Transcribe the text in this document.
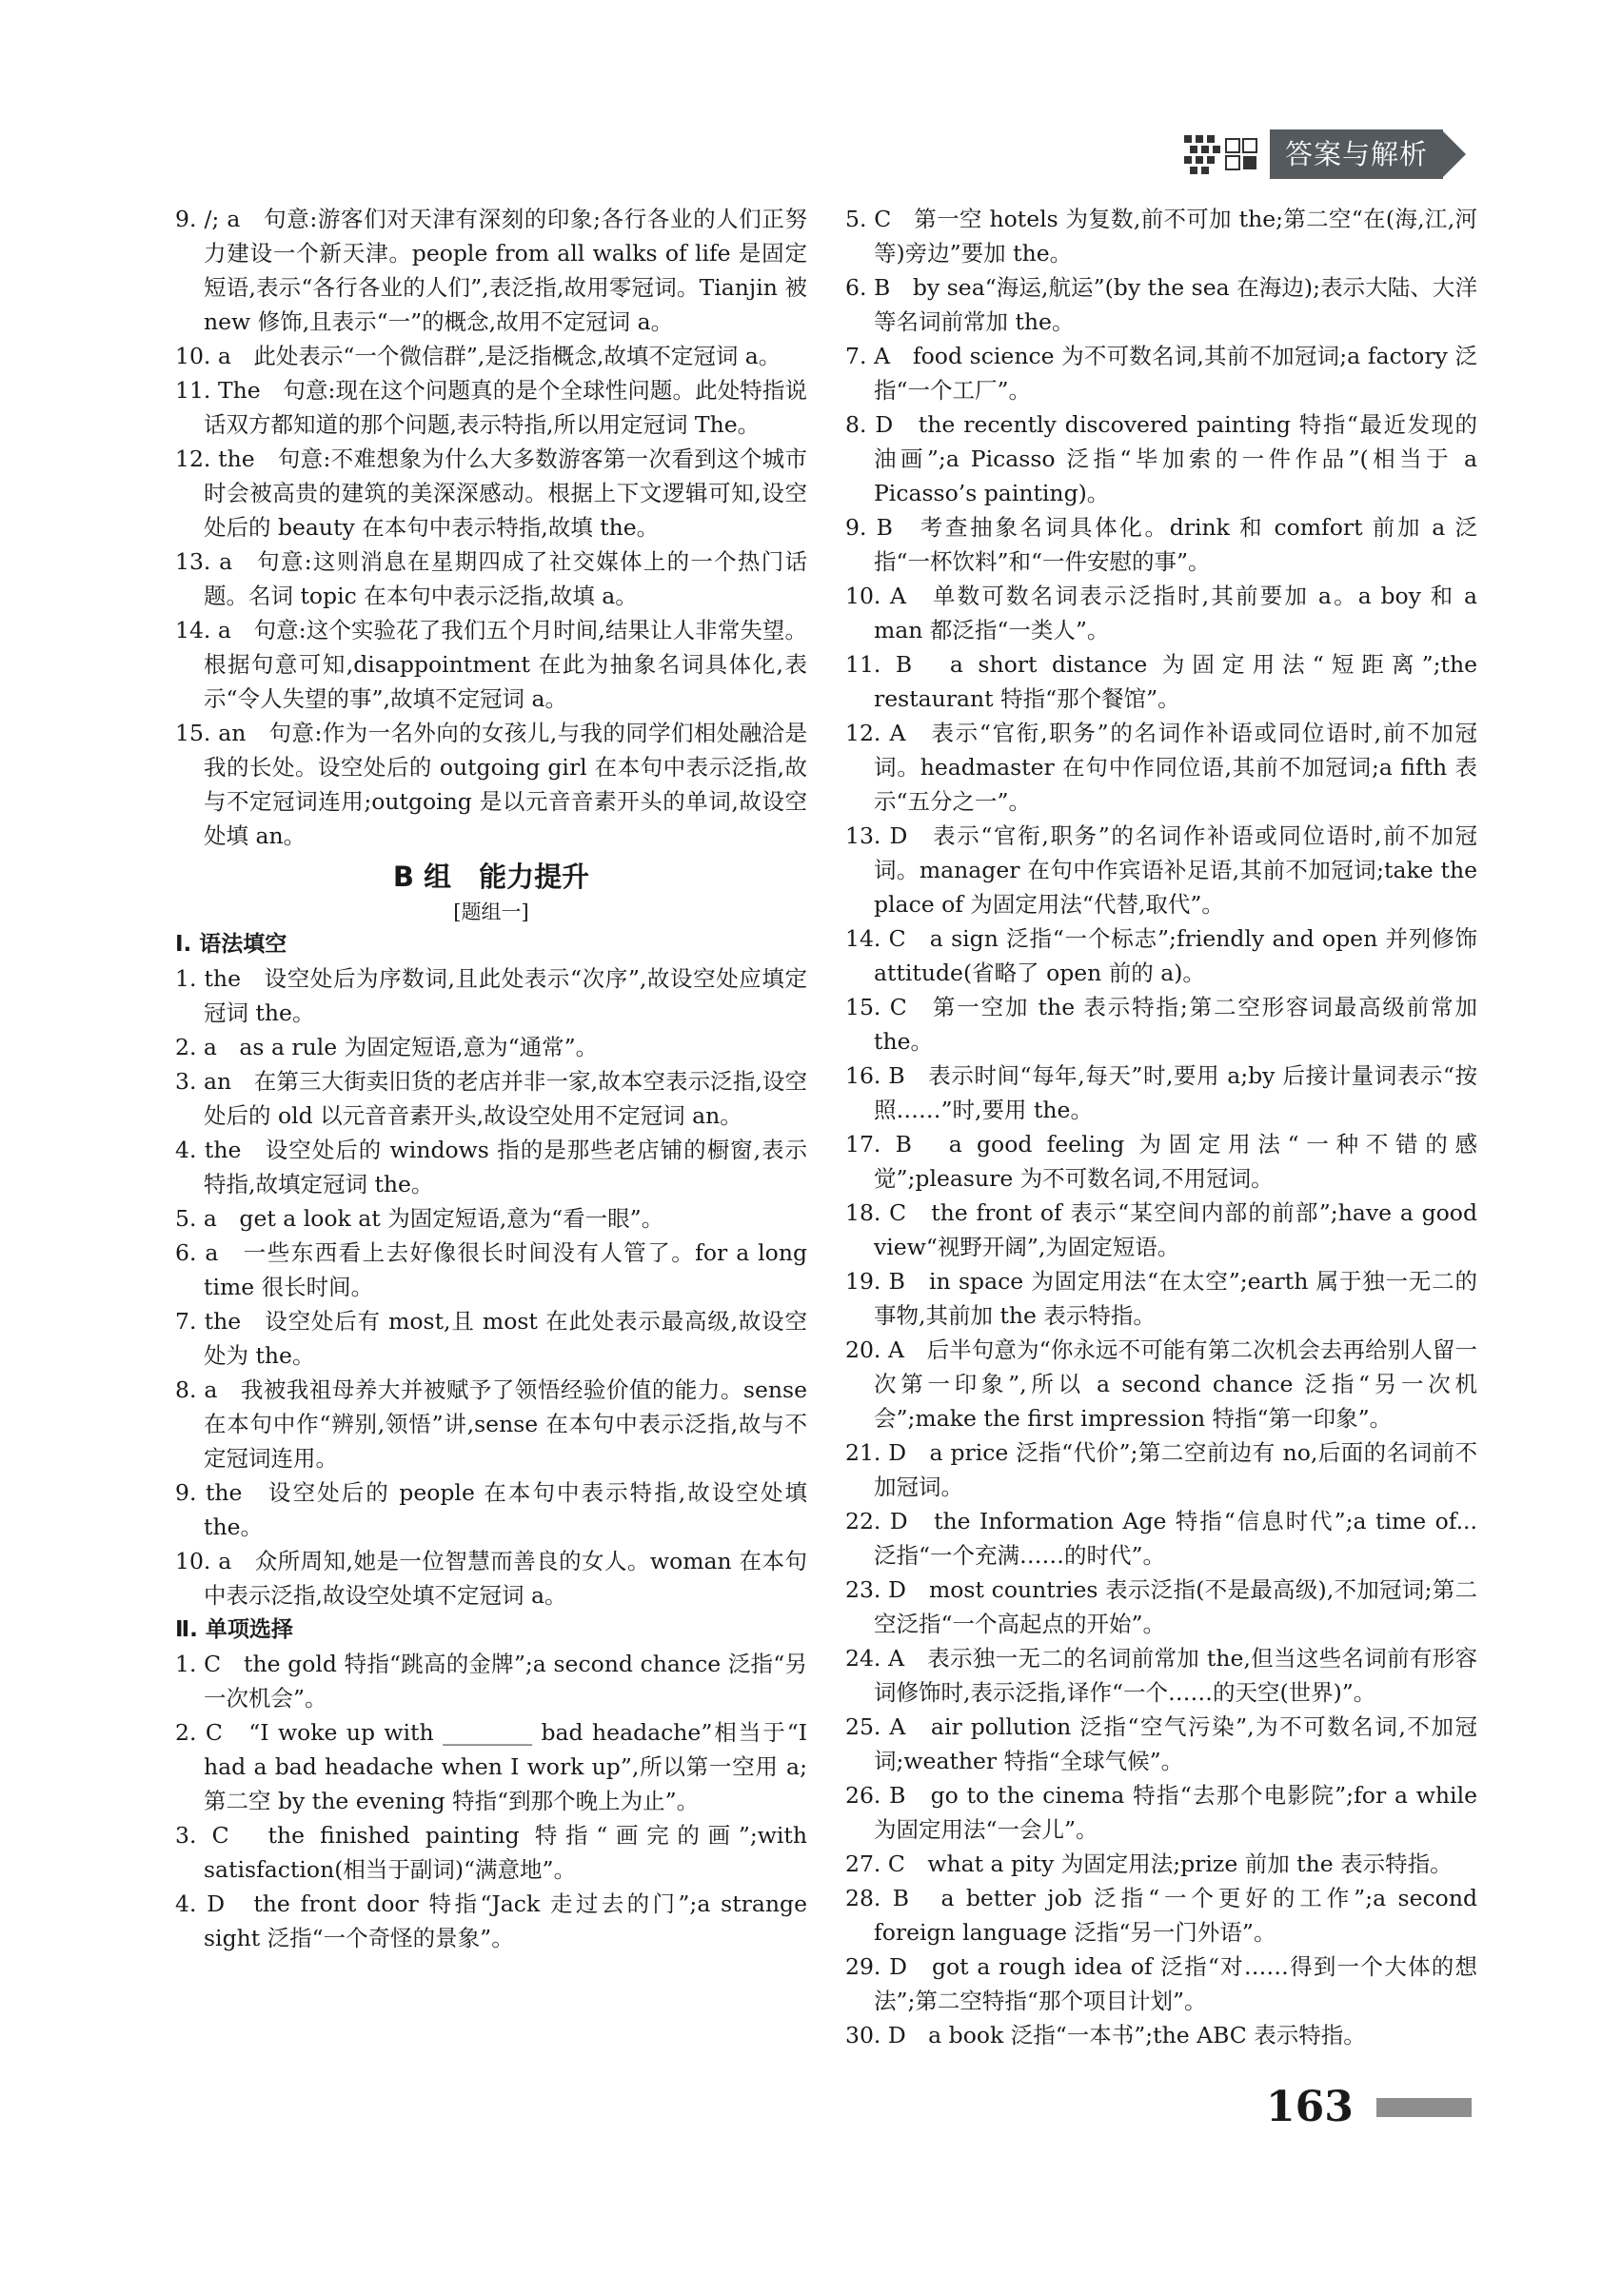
答案与解析
9. /; a　句意:游客们对天津有深刻的印象;各行各业的人们正努力建设一个新天津。people from all walks of life 是固定短语,表示“各行各业的人们”,表泛指,故用零冠词。Tianjin 被 new 修饰,且表示“一”的概念,故用不定冠词 a。
10. a　此处表示“一个微信群”,是泛指概念,故填不定冠词 a。
11. The　句意:现在这个问题真的是个全球性问题。此处特指说话双方都知道的那个问题,表示特指,所以用定冠词 The。
12. the　句意:不难想象为什么大多数游客第一次看到这个城市时会被高贵的建筑的美深深感动。根据上下文逻辑可知,设空处后的 beauty 在本句中表示特指,故填 the。
13. a　句意:这则消息在星期四成了社交媒体上的一个热门话题。名词 topic 在本句中表示泛指,故填 a。
14. a　句意:这个实验花了我们五个月时间,结果让人非常失望。根据句意可知,disappointment 在此为抽象名词具体化,表示“令人失望的事”,故填不定冠词 a。
15. an　句意:作为一名外向的女孩儿,与我的同学们相处融洽是我的长处。设空处后的 outgoing girl 在本句中表示泛指,故与不定冠词连用;outgoing 是以元音音素开头的单词,故设空处填 an。
B 组　能力提升
[题组一]
Ⅰ. 语法填空
1. the　设空处后为序数词,且此处表示“次序”,故设空处应填定冠词 the。
2. a　as a rule 为固定短语,意为“通常”。
3. an　在第三大街卖旧货的老店并非一家,故本空表示泛指,设空处后的 old 以元音音素开头,故设空处用不定冠词 an。
4. the　设空处后的 windows 指的是那些老店铺的橱窗,表示特指,故填定冠词 the。
5. a　get a look at 为固定短语,意为“看一眼”。
6. a　一些东西看上去好像很长时间没有人管了。for a long time 很长时间。
7. the　设空处后有 most,且 most 在此处表示最高级,故设空处为 the。
8. a　我被我祖母养大并被赋予了领悟经验价值的能力。sense 在本句中作“辨别,领悟”讲,sense 在本句中表示泛指,故与不定冠词连用。
9. the　设空处后的 people 在本句中表示特指,故设空处填 the。
10. a　众所周知,她是一位智慧而善良的女人。woman 在本句中表示泛指,故设空处填不定冠词 a。
Ⅱ. 单项选择
1. C　the gold 特指“跳高的金牌”;a second chance 泛指“另一次机会”。
2. C　“I woke up with ________ bad headache”相当于“I had a bad headache when I work up”,所以第一空用 a;第二空 by the evening 特指“到那个晚上为止”。
3. C　the finished painting 特指“画完的画”;with satisfaction(相当于副词)“满意地”。
4. D　the front door 特指“Jack 走过去的门”;a strange sight 泛指“一个奇怪的景象”。
5. C　第一空 hotels 为复数,前不可加 the;第二空“在(海,江,河等)旁边”要加 the。
6. B　by sea“海运,航运”(by the sea 在海边);表示大陆、大洋等名词前常加 the。
7. A　food science 为不可数名词,其前不加冠词;a factory 泛指“一个工厂”。
8. D　the recently discovered painting 特指“最近发现的油画”;a Picasso 泛指“毕加索的一件作品”(相当于 a Picasso’s painting)。
9. B　考查抽象名词具体化。drink 和 comfort 前加 a 泛指“一杯饮料”和“一件安慰的事”。
10. A　单数可数名词表示泛指时,其前要加 a。a boy 和 a man 都泛指“一类人”。
11. B　a short distance 为固定用法“短距离”;the restaurant 特指“那个餐馆”。
12. A　表示“官衔,职务”的名词作补语或同位语时,前不加冠词。headmaster 在句中作同位语,其前不加冠词;a fifth 表示“五分之一”。
13. D　表示“官衔,职务”的名词作补语或同位语时,前不加冠词。manager 在句中作宾语补足语,其前不加冠词;take the place of 为固定用法“代替,取代”。
14. C　a sign 泛指“一个标志”;friendly and open 并列修饰 attitude(省略了 open 前的 a)。
15. C　第一空加 the 表示特指;第二空形容词最高级前常加 the。
16. B　表示时间“每年,每天”时,要用 a;by 后接计量词表示“按照……”时,要用 the。
17. B　a good feeling 为固定用法“一种不错的感觉”;pleasure 为不可数名词,不用冠词。
18. C　the front of 表示“某空间内部的前部”;have a good view“视野开阔”,为固定短语。
19. B　in space 为固定用法“在太空”;earth 属于独一无二的事物,其前加 the 表示特指。
20. A　后半句意为“你永远不可能有第二次机会去再给别人留一次第一印象”,所以 a second chance 泛指“另一次机会”;make the first impression 特指“第一印象”。
21. D　a price 泛指“代价”;第二空前边有 no,后面的名词前不加冠词。
22. D　the Information Age 特指“信息时代”;a time of... 泛指“一个充满……的时代”。
23. D　most countries 表示泛指(不是最高级),不加冠词;第二空泛指“一个高起点的开始”。
24. A　表示独一无二的名词前常加 the,但当这些名词前有形容词修饰时,表示泛指,译作“一个……的天空(世界)”。
25. A　air pollution 泛指“空气污染”,为不可数名词,不加冠词;weather 特指“全球气候”。
26. B　go to the cinema 特指“去那个电影院”;for a while 为固定用法“一会儿”。
27. C　what a pity 为固定用法;prize 前加 the 表示特指。
28. B　a better job 泛指“一个更好的工作”;a second foreign language 泛指“另一门外语”。
29. D　got a rough idea of 泛指“对……得到一个大体的想法”;第二空特指“那个项目计划”。
30. D　a book 泛指“一本书”;the ABC 表示特指。
163
